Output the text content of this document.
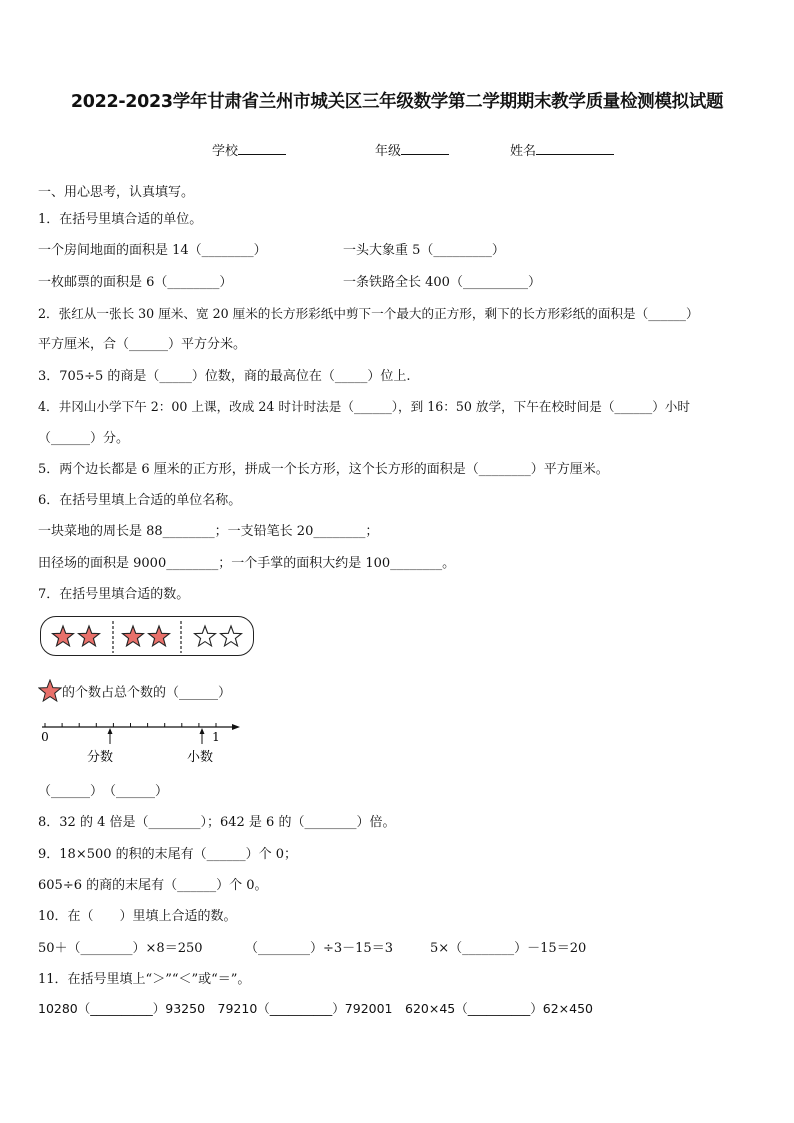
2022-2023学年甘肃省兰州市城关区三年级数学第二学期期末教学质量检测模拟试题
学校	年级	姓名
一、用心思考，认真填写。
1．在括号里填合适的单位。
一个房间地面的面积是 14（________）	一头大象重 5（_________）
一枚邮票的面积是 6（________）	一条铁路全长 400（__________）
2．张红从一张长 30 厘米、宽 20 厘米的长方形彩纸中剪下一个最大的正方形，剩下的长方形彩纸的面积是（______）
平方厘米，合（______）平方分米。
3．705÷5 的商是（_____）位数，商的最高位在（_____）位上.
4．井冈山小学下午 2：00 上课，改成 24 时计时法是（______），到 16：50 放学，下午在校时间是（______）小时
（______）分。
5．两个边长都是 6 厘米的正方形，拼成一个长方形，这个长方形的面积是（________）平方厘米。
6．在括号里填上合适的单位名称。
一块菜地的周长是 88________；一支铅笔长 20________；
田径场的面积是 9000________；一个手掌的面积大约是 100________。
7．在括号里填合适的数。
的个数占总个数的（______）
0	1
分数	小数
（______）　（______）
8．32 的 4 倍是（________）；642 是 6 的（________）倍。
9．18×500 的积的末尾有（______）个 0；
605÷6 的商的末尾有（______）个 0。
10．在（　　）里填上合适的数。
50＋（________）×8＝250	（________）÷3－15＝3	5×（________）－15＝20
11．在括号里填上“＞”“＜”或“＝”。
10280（__________）93250　79210（__________）792001　620×45（__________）62×450
